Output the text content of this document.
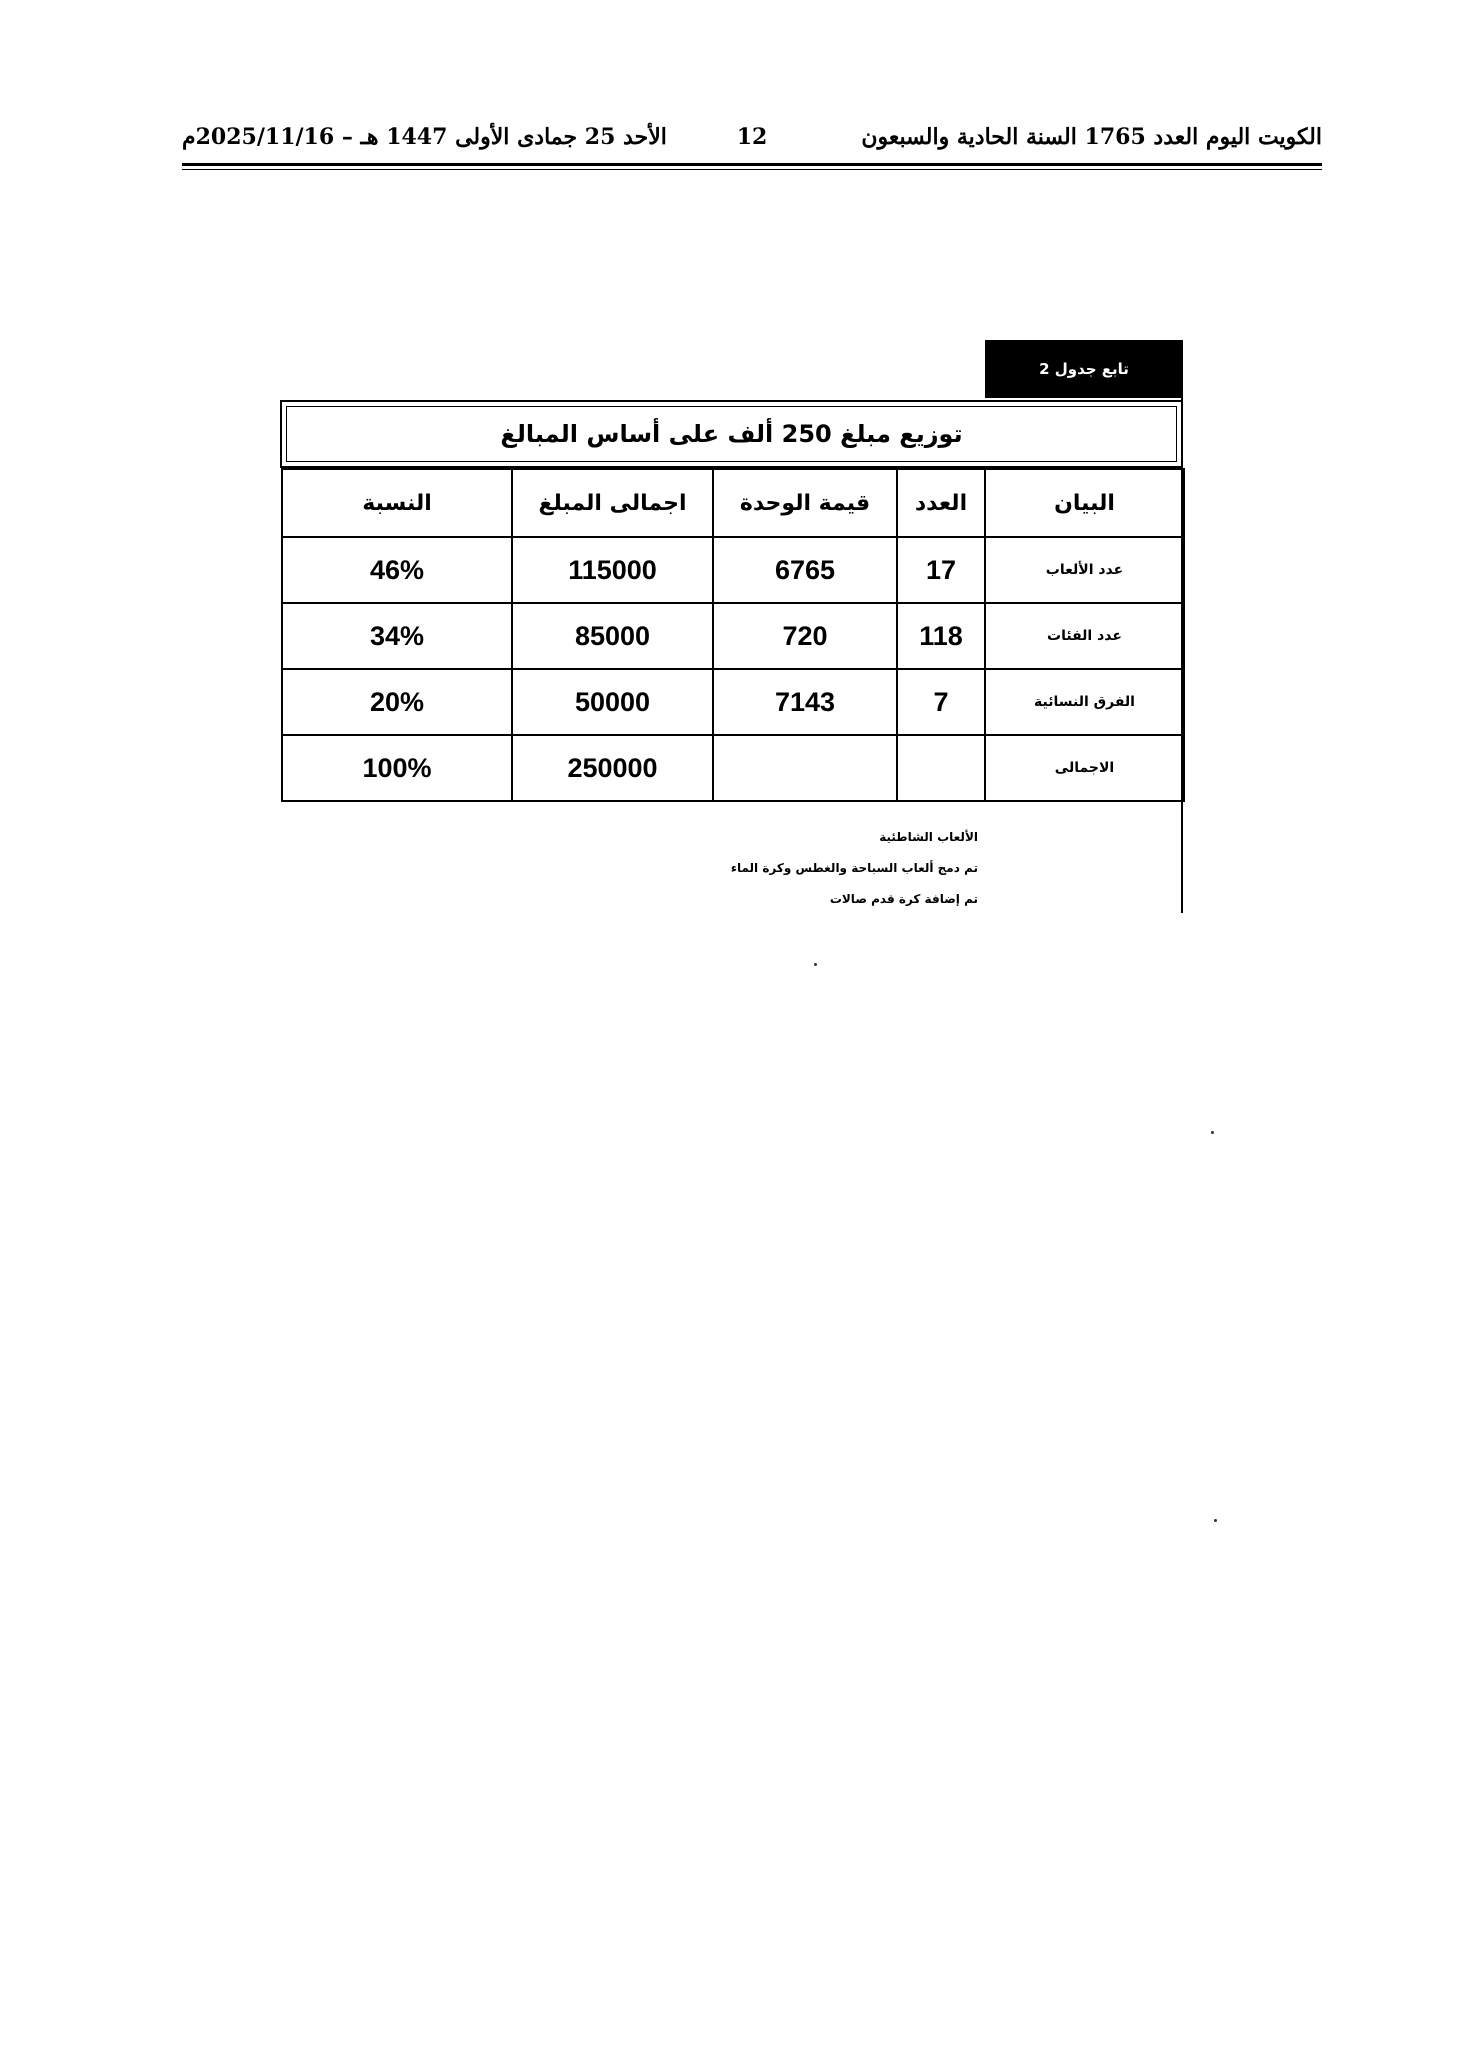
الكويت اليوم العدد 1765 السنة الحادية والسبعون
12
الأحد 25 جمادى الأولى 1447 هـ – 2025/11/16م
تابع جدول 2
توزيع مبلغ 250 ألف على أساس المبالغ
البيان	العدد	قيمة الوحدة	اجمالى المبلغ	النسبة
عدد الألعاب	17	6765	115000	46%
عدد الفئات	118	720	85000	34%
الفرق النسائية	7	7143	50000	20%
الاجمالى			250000	100%
الألعاب الشاطئية
تم دمج ألعاب السباحة والغطس وكرة الماء
تم إضافة كرة قدم صالات
